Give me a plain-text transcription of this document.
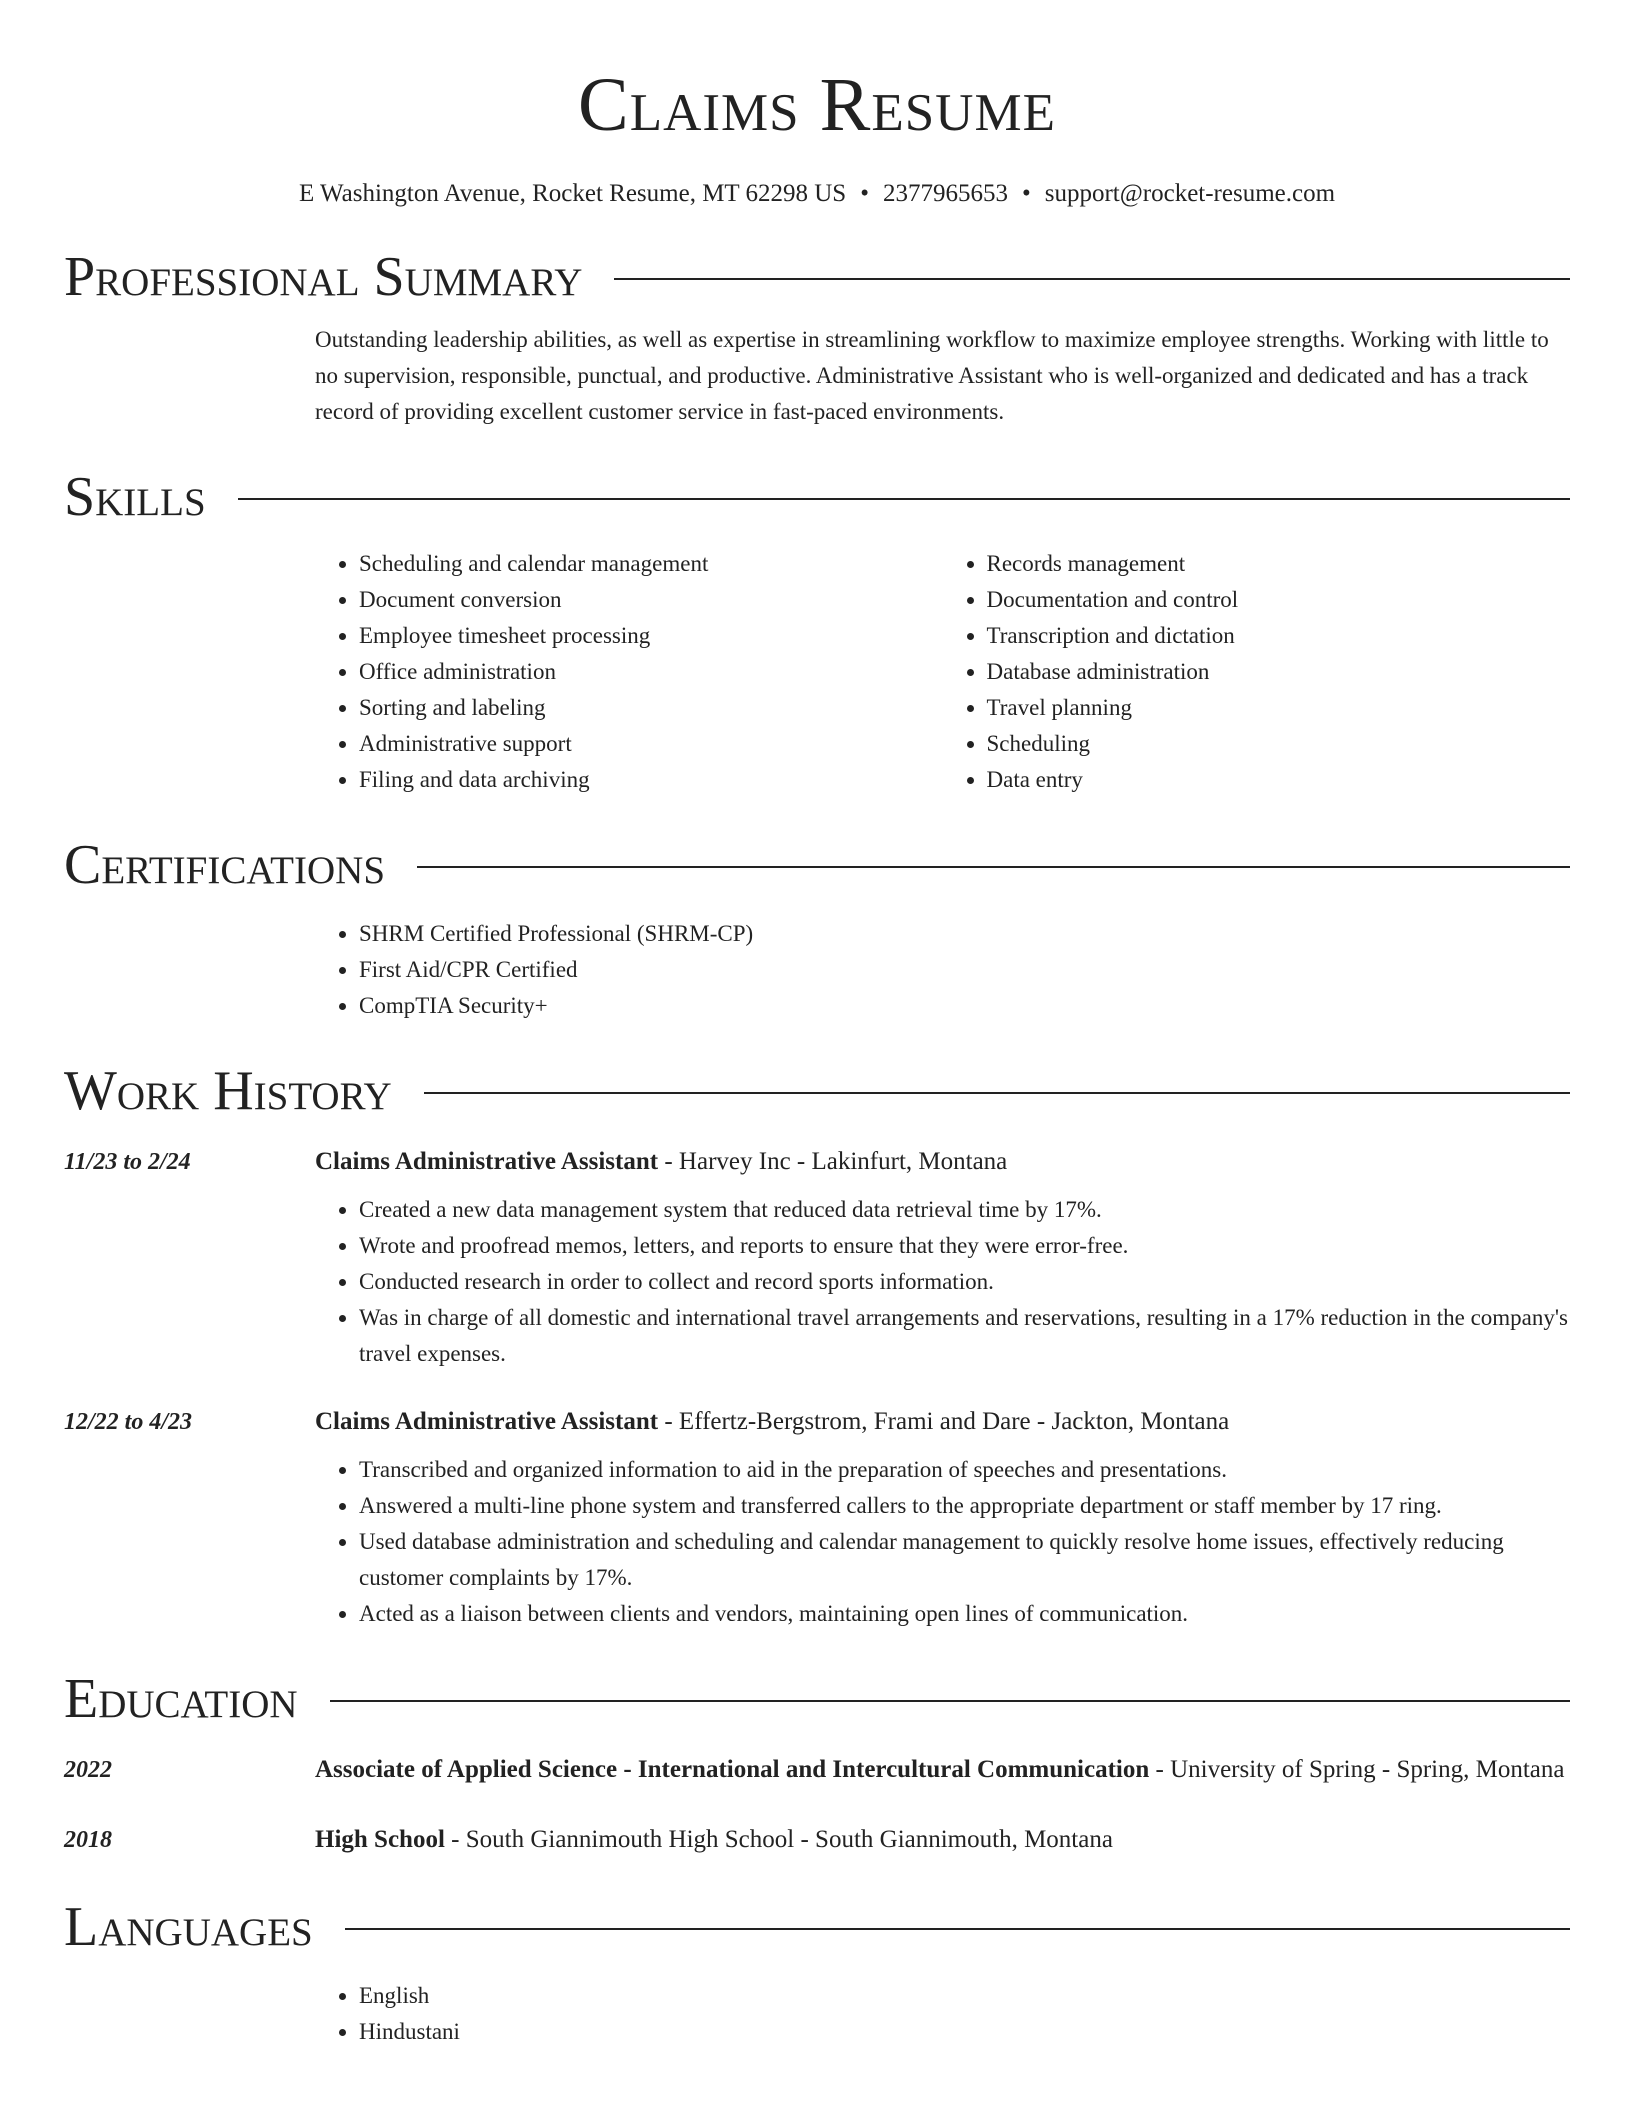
Claims Resume
E Washington Avenue, Rocket Resume, MT 62298 US • 2377965653 • support@rocket-resume.com
Professional Summary
Outstanding leadership abilities, as well as expertise in streamlining workflow to maximize employee strengths. Working with little to no supervision, responsible, punctual, and productive. Administrative Assistant who is well-organized and dedicated and has a track record of providing excellent customer service in fast-paced environments.
Skills
• Scheduling and calendar management
• Document conversion
• Employee timesheet processing
• Office administration
• Sorting and labeling
• Administrative support
• Filing and data archiving
• Records management
• Documentation and control
• Transcription and dictation
• Database administration
• Travel planning
• Scheduling
• Data entry
Certifications
• SHRM Certified Professional (SHRM-CP)
• First Aid/CPR Certified
• CompTIA Security+
Work History
11/23 to 2/24	Claims Administrative Assistant - Harvey Inc - Lakinfurt, Montana
• Created a new data management system that reduced data retrieval time by 17%.
• Wrote and proofread memos, letters, and reports to ensure that they were error-free.
• Conducted research in order to collect and record sports information.
• Was in charge of all domestic and international travel arrangements and reservations, resulting in a 17% reduction in the company's travel expenses.
12/22 to 4/23	Claims Administrative Assistant - Effertz-Bergstrom, Frami and Dare - Jackton, Montana
• Transcribed and organized information to aid in the preparation of speeches and presentations.
• Answered a multi-line phone system and transferred callers to the appropriate department or staff member by 17 ring.
• Used database administration and scheduling and calendar management to quickly resolve home issues, effectively reducing customer complaints by 17%.
• Acted as a liaison between clients and vendors, maintaining open lines of communication.
Education
2022	Associate of Applied Science - International and Intercultural Communication - University of Spring - Spring, Montana
2018	High School - South Giannimouth High School - South Giannimouth, Montana
Languages
• English
• Hindustani
